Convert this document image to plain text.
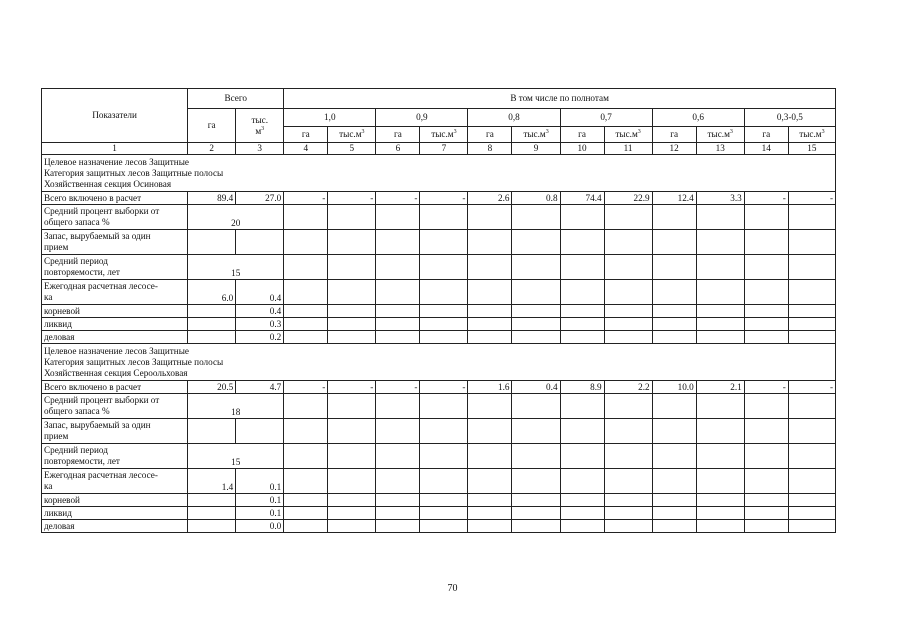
Показатели	Всего		В том числе по полнотам											
	га	тыс.
$м^3$	1,0		0,9		0,8		0,7		0,6		0,3-0,5	
			га	$тыс.м^3$	га	$тыс.м^3$	га	$тыс.м^3$	га	$тыс.м^3$	га	$тыс.м^3$	га	$тыс.м^3$
1	2	3	4	5	6	7	8	9	10	11	12	13	14	15
Целевое назначение лесов Защитные
Категория защитных лесов Защитные полосы
Хозяйственная секция Осиновая														
Всего включено в расчет	89.4	27.0	-	-	-	-	2.6	0.8	74.4	22.9	12.4	3.3	-	-
Средний процент выборки от
общего запаса %	20													
Запас, вырубаемый за один
прием														
Средний период
повторяемости, лет	15													
Ежегодная расчетная лесосе-
ка	6.0	0.4												
корневой		0.4												
ликвид		0.3												
деловая		0.2												
Целевое назначение лесов Защитные
Категория защитных лесов Защитные полосы
Хозяйственная секция Сероольховая														
Всего включено в расчет	20.5	4.7	-	-	-	-	1.6	0.4	8.9	2.2	10.0	2.1	-	-
Средний процент выборки от
общего запаса %	18													
Запас, вырубаемый за один
прием														
Средний период
повторяемости, лет	15													
Ежегодная расчетная лесосе-
ка	1.4	0.1												
корневой		0.1												
ликвид		0.1												
деловая		0.0												
70
